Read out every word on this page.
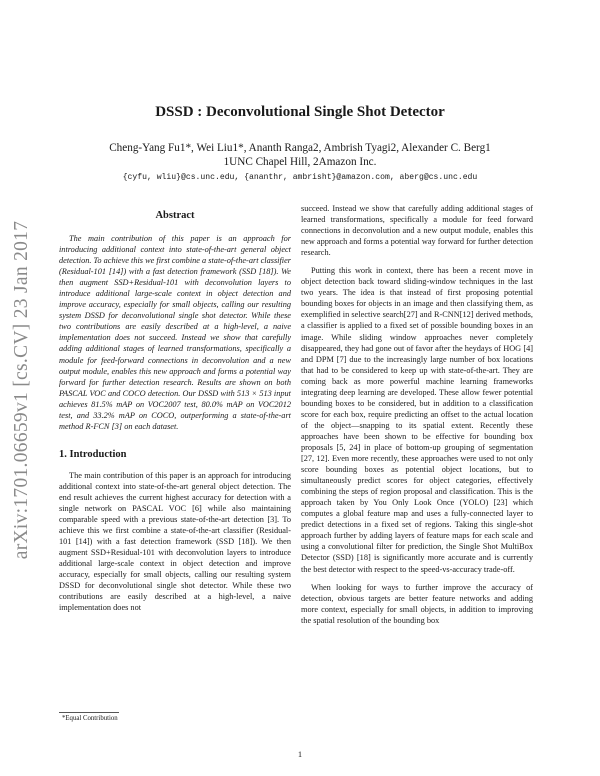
arXiv:1701.06659v1 [cs.CV] 23 Jan 2017
DSSD : Deconvolutional Single Shot Detector
Cheng-Yang Fu1*, Wei Liu1*, Ananth Ranga2, Ambrish Tyagi2, Alexander C. Berg1
1UNC Chapel Hill, 2Amazon Inc.
{cyfu, wliu}@cs.unc.edu, {ananthr, ambrisht}@amazon.com, aberg@cs.unc.edu
Abstract

The main contribution of this paper is an approach for introducing additional context into state-of-the-art general object detection. To achieve this we first combine a state-of-the-art classifier (Residual-101 [14]) with a fast detection framework (SSD [18]). We then augment SSD+Residual-101 with deconvolution layers to introduce additional large-scale context in object detection and improve accuracy, especially for small objects, calling our resulting system DSSD for deconvolutional single shot detector. While these two contributions are easily described at a high-level, a naive implementation does not succeed. Instead we show that carefully adding additional stages of learned transformations, specifically a module for feed-forward connections in deconvolution and a new output module, enables this new approach and forms a potential way forward for further detection research. Results are shown on both PASCAL VOC and COCO detection. Our DSSD with 513 × 513 input achieves 81.5% mAP on VOC2007 test, 80.0% mAP on VOC2012 test, and 33.2% mAP on COCO, outperforming a state-of-the-art method R-FCN [3] on each dataset.

1. Introduction

The main contribution of this paper is an approach for introducing additional context into state-of-the-art general object detection. The end result achieves the current highest accuracy for detection with a single network on PASCAL VOC [6] while also maintaining comparable speed with a previous state-of-the-art detection [3]. To achieve this we first combine a state-of-the-art classifier (Residual-101 [14]) with a fast detection framework (SSD [18]). We then augment SSD+Residual-101 with deconvolution layers to introduce additional large-scale context in object detection and improve accuracy, especially for small objects, calling our resulting system DSSD for deconvolutional single shot detector. While these two contributions are easily described at a high-level, a naive implementation does not

succeed. Instead we show that carefully adding additional stages of learned transformations, specifically a module for feed forward connections in deconvolution and a new output module, enables this new approach and forms a potential way forward for further detection research.

Putting this work in context, there has been a recent move in object detection back toward sliding-window techniques in the last two years. The idea is that instead of first proposing potential bounding boxes for objects in an image and then classifying them, as exemplified in selective search[27] and R-CNN[12] derived methods, a classifier is applied to a fixed set of possible bounding boxes in an image. While sliding window approaches never completely disappeared, they had gone out of favor after the heydays of HOG [4] and DPM [7] due to the increasingly large number of box locations that had to be considered to keep up with state-of-the-art. They are coming back as more powerful machine learning frameworks integrating deep learning are developed. These allow fewer potential bounding boxes to be considered, but in addition to a classification score for each box, require predicting an offset to the actual location of the object—snapping to its spatial extent. Recently these approaches have been shown to be effective for bounding box proposals [5, 24] in place of bottom-up grouping of segmentation [27, 12]. Even more recently, these approaches were used to not only score bounding boxes as potential object locations, but to simultaneously predict scores for object categories, effectively combining the steps of region proposal and classification. This is the approach taken by You Only Look Once (YOLO) [23] which computes a global feature map and uses a fully-connected layer to predict detections in a fixed set of regions. Taking this single-shot approach further by adding layers of feature maps for each scale and using a convolutional filter for prediction, the Single Shot MultiBox Detector (SSD) [18] is significantly more accurate and is currently the best detector with respect to the speed-vs-accuracy trade-off.

When looking for ways to further improve the accuracy of detection, obvious targets are better feature networks and adding more context, especially for small objects, in addition to improving the spatial resolution of the bounding box

*Equal Contribution
1
